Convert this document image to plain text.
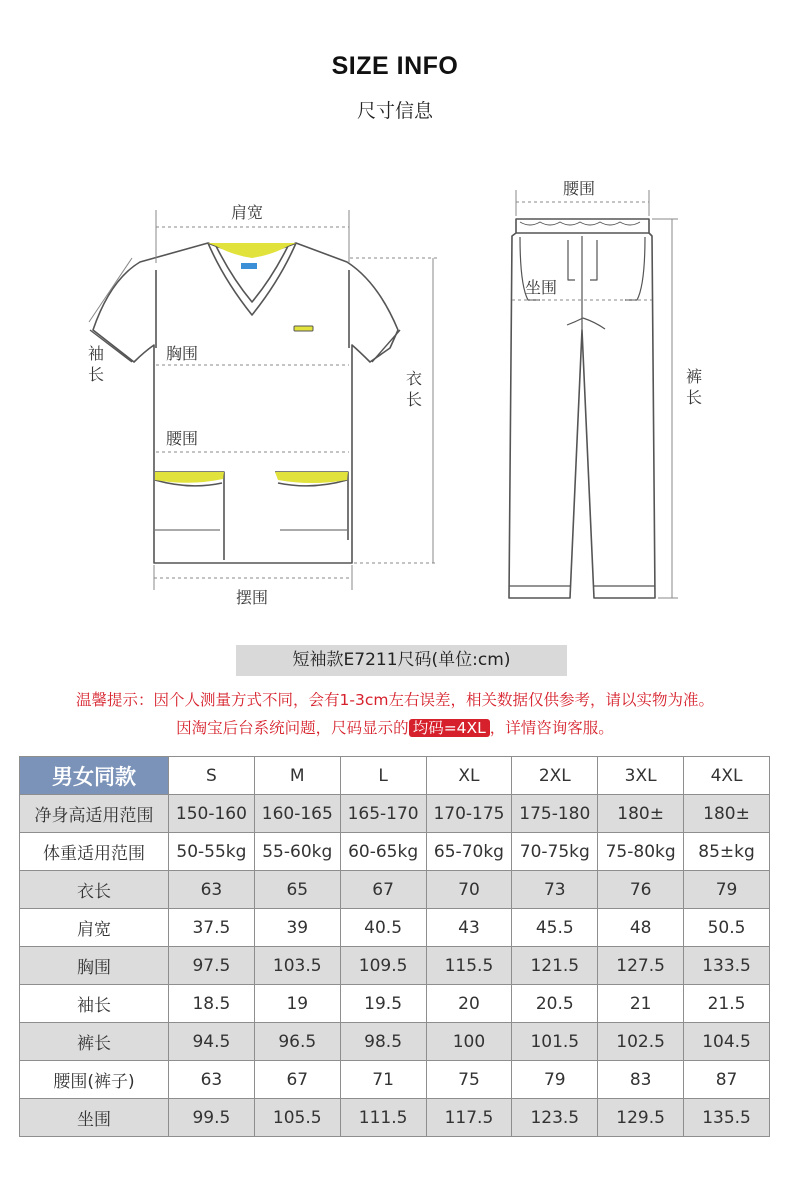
SIZE INFO
尺寸信息
肩宽
胸围
腰围
摆围
袖
长	衣
长
腰围
坐围
裤
长
短袖款E7211尺码(单位:cm)
温馨提示：因个人测量方式不同，会有1-3cm左右误差，相关数据仅供参考，请以实物为准。
因淘宝后台系统问题，尺码显示的 均码=4XL ，详情咨询客服。
男女同款	S	M	L	XL	2XL	3XL	4XL
净身高适用范围	150-160	160-165	165-170	170-175	175-180	180±	180±
体重适用范围	50-55kg	55-60kg	60-65kg	65-70kg	70-75kg	75-80kg	85±kg
衣长	63	65	67	70	73	76	79
肩宽	37.5	39	40.5	43	45.5	48	50.5
胸围	97.5	103.5	109.5	115.5	121.5	127.5	133.5
袖长	18.5	19	19.5	20	20.5	21	21.5
裤长	94.5	96.5	98.5	100	101.5	102.5	104.5
腰围(裤子)	63	67	71	75	79	83	87
坐围	99.5	105.5	111.5	117.5	123.5	129.5	135.5
